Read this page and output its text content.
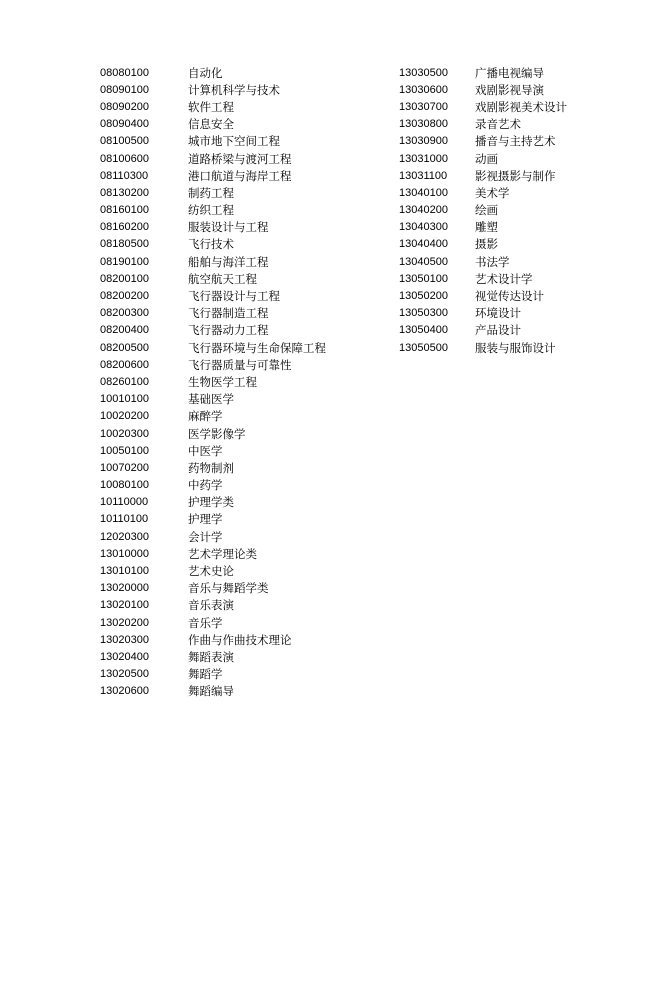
08080100	自动化
08090100	计算机科学与技术
08090200	软件工程
08090400	信息安全
08100500	城市地下空间工程
08100600	道路桥梁与渡河工程
08110300	港口航道与海岸工程
08130200	制药工程
08160100	纺织工程
08160200	服装设计与工程
08180500	飞行技术
08190100	船舶与海洋工程
08200100	航空航天工程
08200200	飞行器设计与工程
08200300	飞行器制造工程
08200400	飞行器动力工程
08200500	飞行器环境与生命保障工程
08200600	飞行器质量与可靠性
08260100	生物医学工程
10010100	基础医学
10020200	麻醉学
10020300	医学影像学
10050100	中医学
10070200	药物制剂
10080100	中药学
10110000	护理学类
10110100	护理学
12020300	会计学
13010000	艺术学理论类
13010100	艺术史论
13020000	音乐与舞蹈学类
13020100	音乐表演
13020200	音乐学
13020300	作曲与作曲技术理论
13020400	舞蹈表演
13020500	舞蹈学
13020600	舞蹈编导
13030500	广播电视编导
13030600	戏剧影视导演
13030700	戏剧影视美术设计
13030800	录音艺术
13030900	播音与主持艺术
13031000	动画
13031100	影视摄影与制作
13040100	美术学
13040200	绘画
13040300	雕塑
13040400	摄影
13040500	书法学
13050100	艺术设计学
13050200	视觉传达设计
13050300	环境设计
13050400	产品设计
13050500	服装与服饰设计
